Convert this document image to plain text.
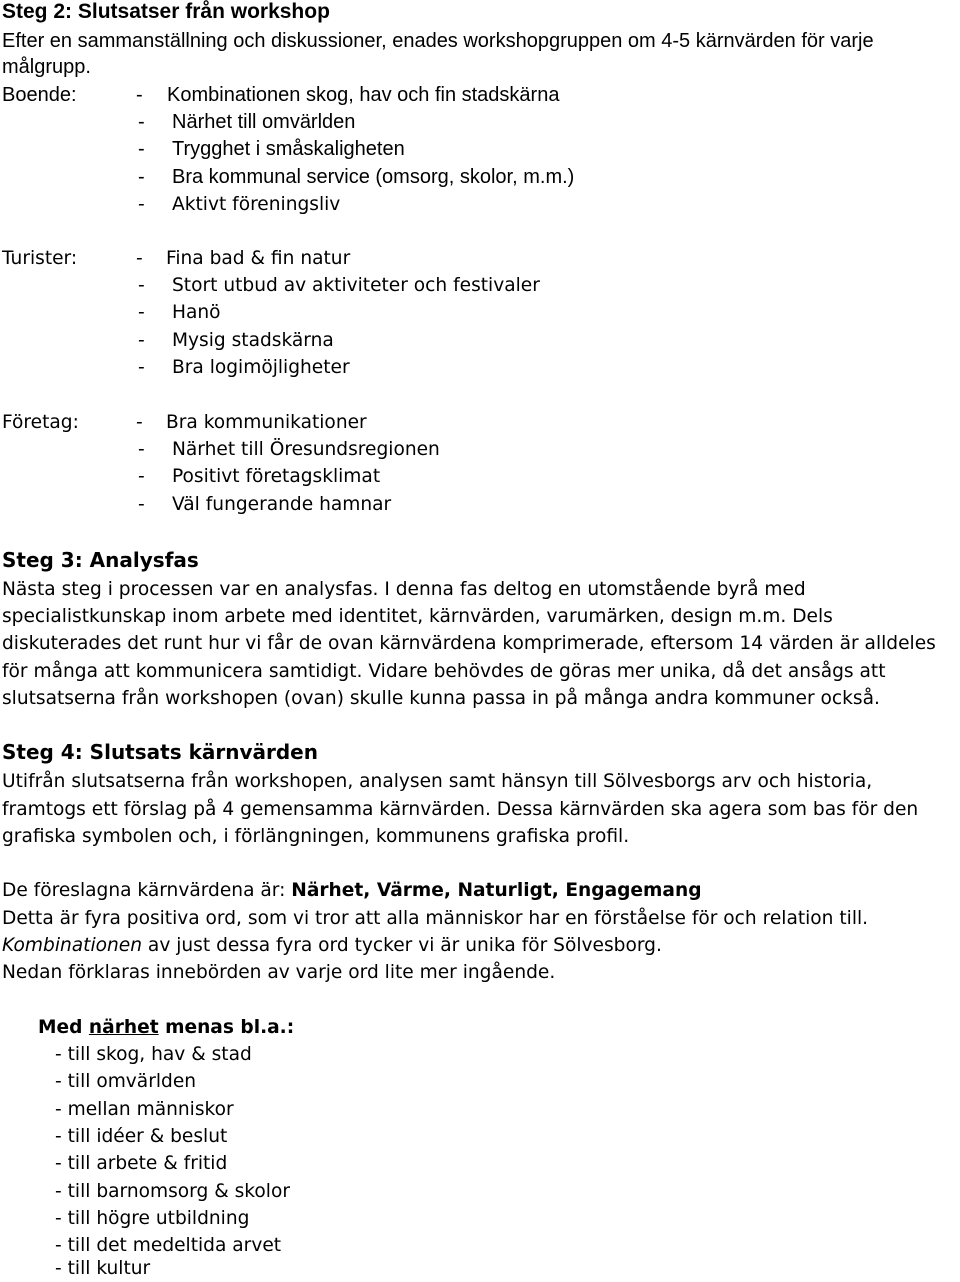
Steg 2: Slutsatser från workshop
Efter en sammanställning och diskussioner, enades workshopgruppen om 4-5 kärnvärden för varje
målgrupp.
Boende:	- Kombinationen skog, hav och fin stadskärna
- Närhet till omvärlden
- Trygghet i småskaligheten
- Bra kommunal service (omsorg, skolor, m.m.)
- Aktivt föreningsliv
Turister:	- Fina bad & fin natur
- Stort utbud av aktiviteter och festivaler
- Hanö
- Mysig stadskärna
- Bra logimöjligheter
Företag:	- Bra kommunikationer
- Närhet till Öresundsregionen
- Positivt företagsklimat
- Väl fungerande hamnar
Steg 3: Analysfas
Nästa steg i processen var en analysfas. I denna fas deltog en utomstående byrå med
specialistkunskap inom arbete med identitet, kärnvärden, varumärken, design m.m. Dels
diskuterades det runt hur vi får de ovan kärnvärdena komprimerade, eftersom 14 värden är alldeles
för många att kommunicera samtidigt. Vidare behövdes de göras mer unika, då det ansågs att
slutsatserna från workshopen (ovan) skulle kunna passa in på många andra kommuner också.
Steg 4: Slutsats kärnvärden
Utifrån slutsatserna från workshopen, analysen samt hänsyn till Sölvesborgs arv och historia,
framtogs ett förslag på 4 gemensamma kärnvärden. Dessa kärnvärden ska agera som bas för den
grafiska symbolen och, i förlängningen, kommunens grafiska profil.
De föreslagna kärnvärdena är: Närhet, Värme, Naturligt, Engagemang
Detta är fyra positiva ord, som vi tror att alla människor har en förståelse för och relation till.
Kombinationen av just dessa fyra ord tycker vi är unika för Sölvesborg.
Nedan förklaras innebörden av varje ord lite mer ingående.
Med närhet menas bl.a.:
- till skog, hav & stad
- till omvärlden
- mellan människor
- till idéer & beslut
- till arbete & fritid
- till barnomsorg & skolor
- till högre utbildning
- till det medeltida arvet
- till kultur
